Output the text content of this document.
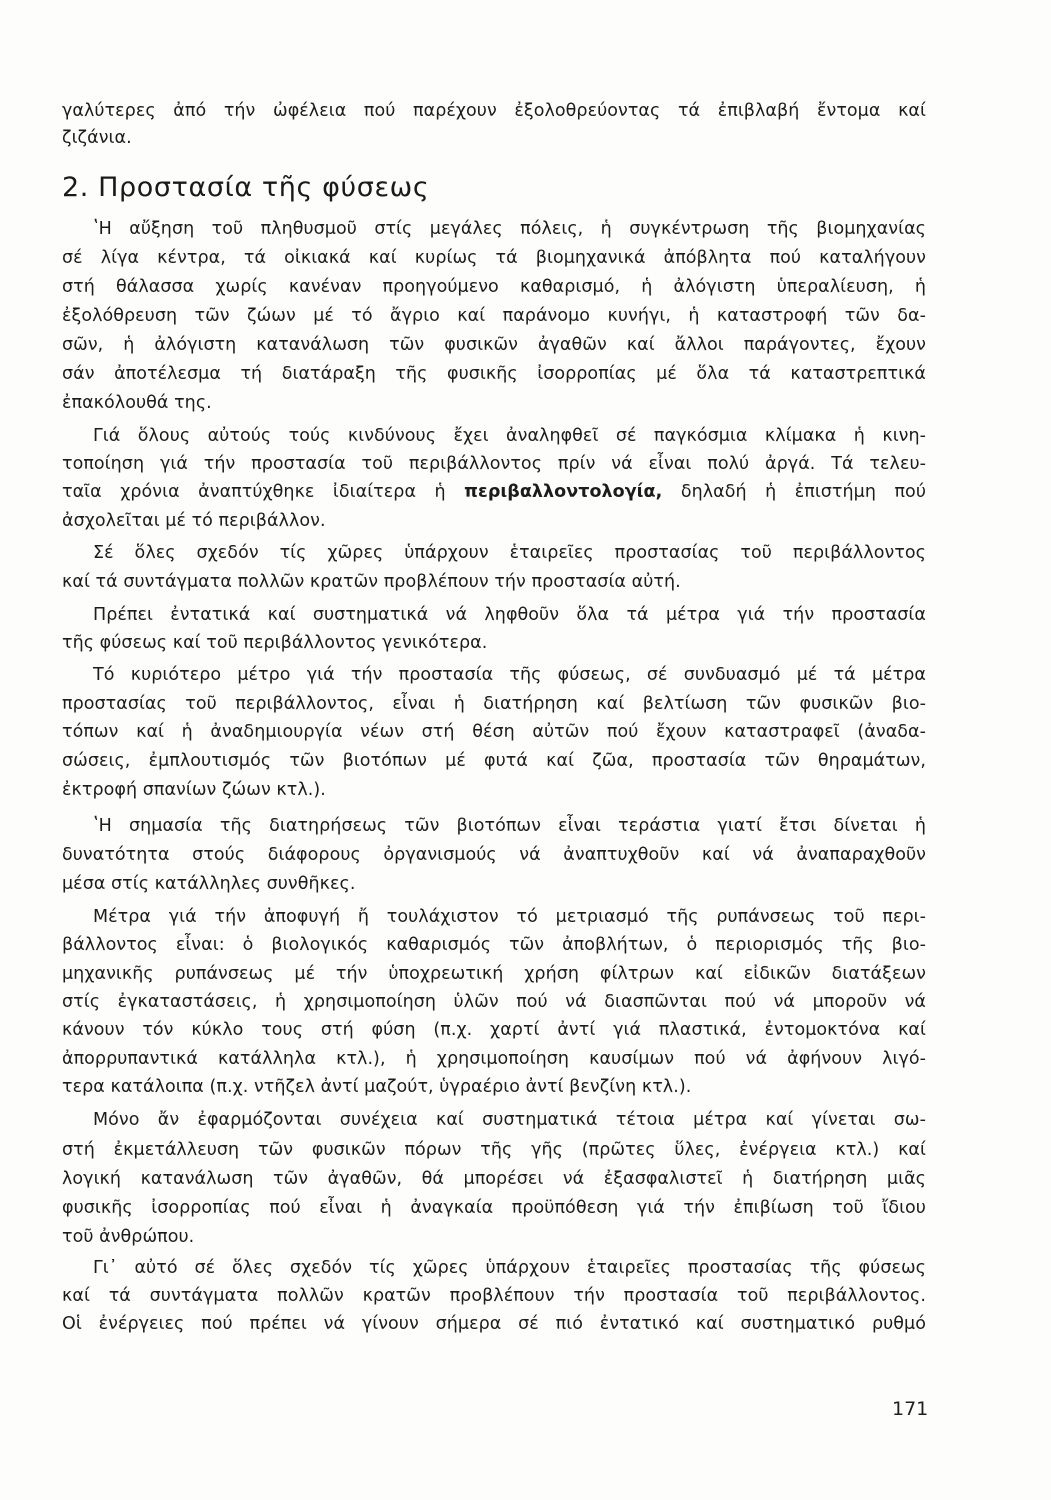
γαλύτερες ἀπό τήν ὠφέλεια πού παρέχουν ἐξολοθρεύοντας τά ἐπιβλαβή ἔντομα καί
ζιζάνια.
2. Προστασία τῆς φύσεως
ʽΗ αὔξηση τοῦ πληθυσμοῦ στίς μεγάλες πόλεις, ἡ συγκέντρωση τῆς βιομηχανίας
σέ λίγα κέντρα, τά οἰκιακά καί κυρίως τά βιομηχανικά ἀπόβλητα πού καταλήγουν
στή θάλασσα χωρίς κανέναν προηγούμενο καθαρισμό, ἡ ἀλόγιστη ὑπεραλίευση, ἡ
ἐξολόθρευση τῶν ζώων μέ τό ἄγριο καί παράνομο κυνήγι, ἡ καταστροφή τῶν δα-
σῶν, ἡ ἀλόγιστη κατανάλωση τῶν φυσικῶν ἀγαθῶν καί ἄλλοι παράγοντες, ἔχουν
σάν ἀποτέλεσμα τή διατάραξη τῆς φυσικῆς ἰσορροπίας μέ ὅλα τά καταστρεπτικά
ἐπακόλουθά της.
Γιά ὅλους αὐτούς τούς κινδύνους ἔχει ἀναληφθεῖ σέ παγκόσμια κλίμακα ἡ κινη-
τοποίηση γιά τήν προστασία τοῦ περιβάλλοντος πρίν νά εἶναι πολύ ἀργά. Τά τελευ-
ταῖα χρόνια ἀναπτύχθηκε ἰδιαίτερα ἡ περιβαλλοντολογία, δηλαδή ἡ ἐπιστήμη πού
ἀσχολεῖται μέ τό περιβάλλον.
Σέ ὅλες σχεδόν τίς χῶρες ὑπάρχουν ἑταιρεῖες προστασίας τοῦ περιβάλλοντος
καί τά συντάγματα πολλῶν κρατῶν προβλέπουν τήν προστασία αὐτή.
Πρέπει ἐντατικά καί συστηματικά νά ληφθοῦν ὅλα τά μέτρα γιά τήν προστασία
τῆς φύσεως καί τοῦ περιβάλλοντος γενικότερα.
Τό κυριότερο μέτρο γιά τήν προστασία τῆς φύσεως, σέ συνδυασμό μέ τά μέτρα
προστασίας τοῦ περιβάλλοντος, εἶναι ἡ διατήρηση καί βελτίωση τῶν φυσικῶν βιο-
τόπων καί ἡ ἀναδημιουργία νέων στή θέση αὐτῶν πού ἔχουν καταστραφεῖ (ἀναδα-
σώσεις, ἐμπλουτισμός τῶν βιοτόπων μέ φυτά καί ζῶα, προστασία τῶν θηραμάτων,
ἐκτροφή σπανίων ζώων κτλ.).
ʽΗ σημασία τῆς διατηρήσεως τῶν βιοτόπων εἶναι τεράστια γιατί ἔτσι δίνεται ἡ
δυνατότητα στούς διάφορους ὀργανισμούς νά ἀναπτυχθοῦν καί νά ἀναπαραχθοῦν
μέσα στίς κατάλληλες συνθῆκες.
Μέτρα γιά τήν ἀποφυγή ἤ τουλάχιστον τό μετριασμό τῆς ρυπάνσεως τοῦ περι-
βάλλοντος εἶναι: ὁ βιολογικός καθαρισμός τῶν ἀποβλήτων, ὁ περιορισμός τῆς βιο-
μηχανικῆς ρυπάνσεως μέ τήν ὑποχρεωτική χρήση φίλτρων καί εἰδικῶν διατάξεων
στίς ἐγκαταστάσεις, ἡ χρησιμοποίηση ὑλῶν πού νά διασπῶνται πού νά μποροῦν νά
κάνουν τόν κύκλο τους στή φύση (π.χ. χαρτί ἀντί γιά πλαστικά, ἐντομοκτόνα καί
ἀπορρυπαντικά κατάλληλα κτλ.), ἡ χρησιμοποίηση καυσίμων πού νά ἀφήνουν λιγό-
τερα κατάλοιπα (π.χ. ντῆζελ ἀντί μαζούτ, ὑγραέριο ἀντί βενζίνη κτλ.).
Μόνο ἄν ἐφαρμόζονται συνέχεια καί συστηματικά τέτοια μέτρα καί γίνεται σω-
στή ἐκμετάλλευση τῶν φυσικῶν πόρων τῆς γῆς (πρῶτες ὕλες, ἐνέργεια κτλ.) καί
λογική κατανάλωση τῶν ἀγαθῶν, θά μπορέσει νά ἐξασφαλιστεῖ ἡ διατήρηση μιᾶς
φυσικῆς ἰσορροπίας πού εἶναι ἡ ἀναγκαία προϋπόθεση γιά τήν ἐπιβίωση τοῦ ἴδιου
τοῦ ἀνθρώπου.
Γι᾽ αὐτό σέ ὅλες σχεδόν τίς χῶρες ὑπάρχουν ἑταιρεῖες προστασίας τῆς φύσεως
καί τά συντάγματα πολλῶν κρατῶν προβλέπουν τήν προστασία τοῦ περιβάλλοντος.
Οἱ ἐνέργειες πού πρέπει νά γίνουν σήμερα σέ πιό ἐντατικό καί συστηματικό ρυθμό
171
